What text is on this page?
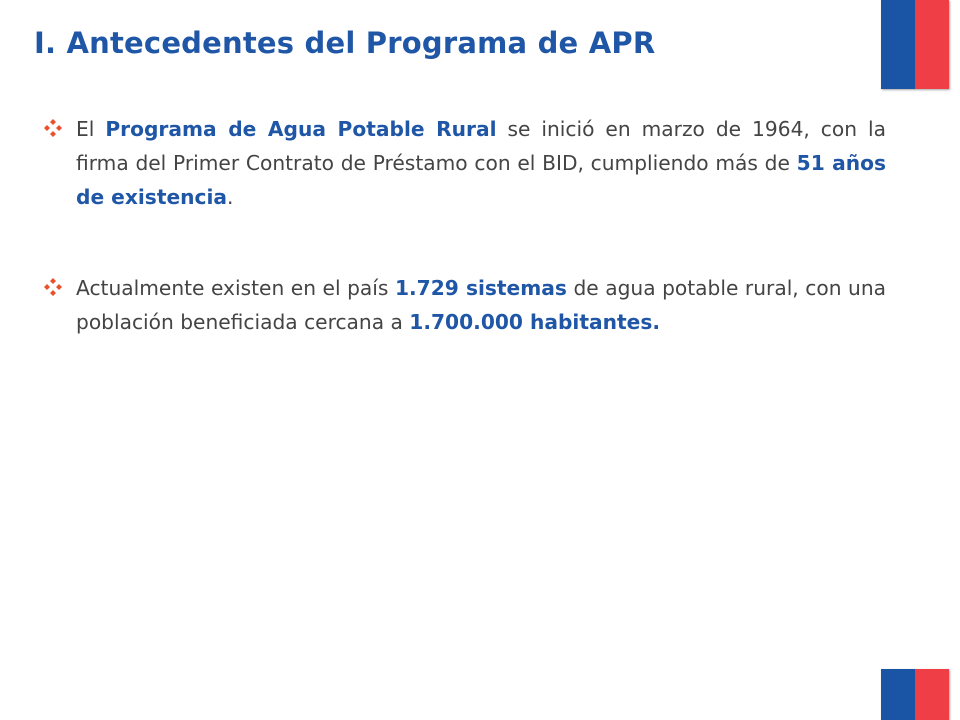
I. Antecedentes del Programa de APR

El Programa de Agua Potable Rural se inició en marzo de 1964, con la firma del Primer Contrato de Préstamo con el BID, cumpliendo más de 51 años de existencia.

Actualmente existen en el país 1.729 sistemas de agua potable rural, con una población beneficiada cercana a 1.700.000 habitantes.
